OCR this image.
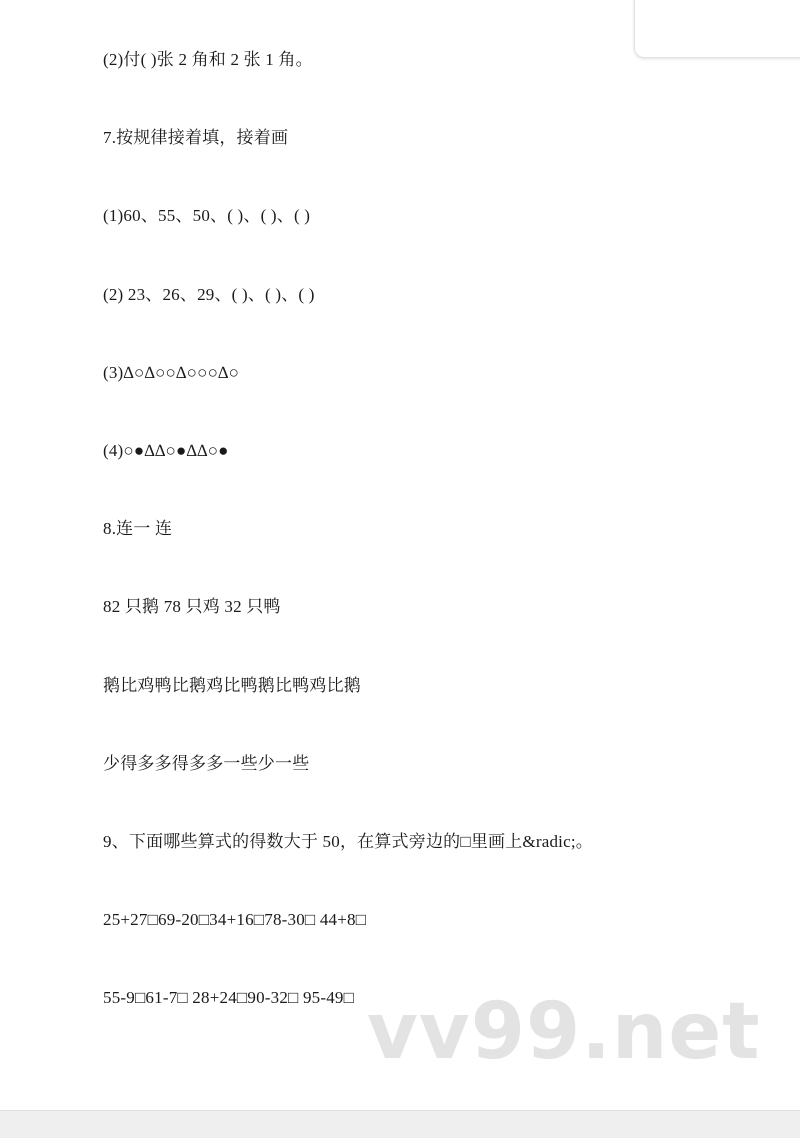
(2)付( )张 2 角和 2 张 1 角。
7.按规律接着填，接着画
(1)60、55、50、( )、( )、( )
(2) 23、26、29、( )、( )、( )
(3)∆○∆○○∆○○○∆○
(4)○●∆∆○●∆∆○●
8.连一 连
82 只鹅 78 只鸡 32 只鸭
鹅比鸡鸭比鹅鸡比鸭鹅比鸭鸡比鹅
少得多多得多多一些少一些
9、下面哪些算式的得数大于 50，在算式旁边的□里画上&radic;。
25+27□69-20□34+16□78-30□ 44+8□
55-9□61-7□ 28+24□90-32□ 95-49□ vv99.net
